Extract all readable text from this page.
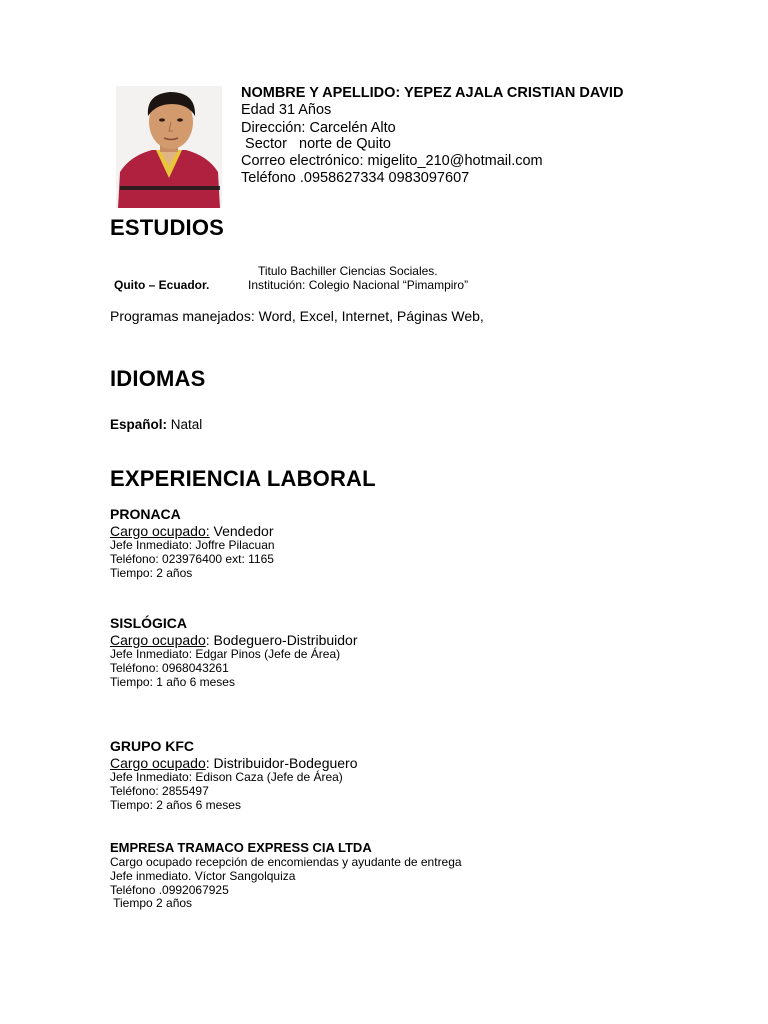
NOMBRE Y APELLIDO: YEPEZ AJALA CRISTIAN DAVID
Edad 31 Años
Dirección: Carcelén Alto
Sector   norte de Quito
Correo electrónico: migelito_210@hotmail.com
Teléfono .0958627334 0983097607
ESTUDIOS
Titulo Bachiller Ciencias Sociales.
Quito – Ecuador.	Institución: Colegio Nacional “Pimampiro”
Programas manejados: Word, Excel, Internet, Páginas Web,
IDIOMAS
Español: Natal
EXPERIENCIA LABORAL
PRONACA
Cargo ocupado: Vendedor
Jefe Inmediato: Joffre Pilacuan
Teléfono: 023976400 ext: 1165
Tiempo: 2 años
SISLÓGICA
Cargo ocupado: Bodeguero-Distribuidor
Jefe Inmediato: Edgar Pinos (Jefe de Área)
Teléfono: 0968043261
Tiempo: 1 año 6 meses
GRUPO KFC
Cargo ocupado: Distribuidor-Bodeguero
Jefe Inmediato: Edison Caza (Jefe de Área)
Teléfono: 2855497
Tiempo: 2 años 6 meses
EMPRESA TRAMACO EXPRESS CIA LTDA
Cargo ocupado recepción de encomiendas y ayudante de entrega
Jefe inmediato. Víctor Sangolquiza
Teléfono .0992067925
Tiempo 2 años
